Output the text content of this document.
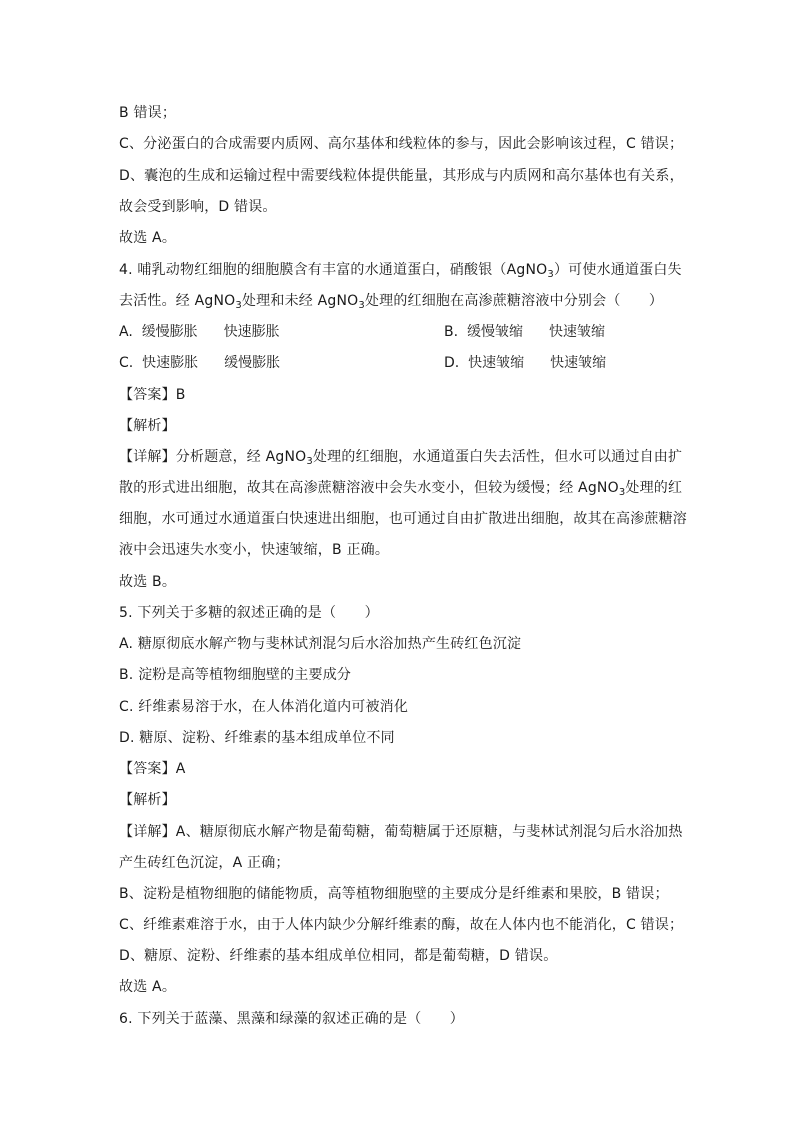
B 错误；
C、分泌蛋白的合成需要内质网、高尔基体和线粒体的参与，因此会影响该过程，C 错误；
D、囊泡的生成和运输过程中需要线粒体提供能量，其形成与内质网和高尔基体也有关系，
故会受到影响，D 错误。
故选 A。
4. 哺乳动物红细胞的细胞膜含有丰富的水通道蛋白，硝酸银（AgNO$_3$）可使水通道蛋白失
去活性。经 AgNO$_3$处理和未经 AgNO$_3$处理的红细胞在高渗蔗糖溶液中分别会（　　）
A. 缓慢膨胀 快速膨胀	B. 缓慢皱缩 快速皱缩
C. 快速膨胀 缓慢膨胀	D. 快速皱缩 快速皱缩
【答案】B
【解析】
【详解】分析题意，经 AgNO$_3$处理的红细胞，水通道蛋白失去活性，但水可以通过自由扩
散的形式进出细胞，故其在高渗蔗糖溶液中会失水变小，但较为缓慢；经 AgNO$_3$处理的红
细胞，水可通过水通道蛋白快速进出细胞，也可通过自由扩散进出细胞，故其在高渗蔗糖溶
液中会迅速失水变小，快速皱缩，B 正确。
故选 B。
5. 下列关于多糖的叙述正确的是（　　）
A. 糖原彻底水解产物与斐林试剂混匀后水浴加热产生砖红色沉淀
B. 淀粉是高等植物细胞壁的主要成分
C. 纤维素易溶于水，在人体消化道内可被消化
D. 糖原、淀粉、纤维素的基本组成单位不同
【答案】A
【解析】
【详解】A、糖原彻底水解产物是葡萄糖，葡萄糖属于还原糖，与斐林试剂混匀后水浴加热
产生砖红色沉淀，A 正确；
B、淀粉是植物细胞的储能物质，高等植物细胞壁的主要成分是纤维素和果胶，B 错误；
C、纤维素难溶于水，由于人体内缺少分解纤维素的酶，故在人体内也不能消化，C 错误；
D、糖原、淀粉、纤维素的基本组成单位相同，都是葡萄糖，D 错误。
故选 A。
6. 下列关于蓝藻、黑藻和绿藻的叙述正确的是（　　）
